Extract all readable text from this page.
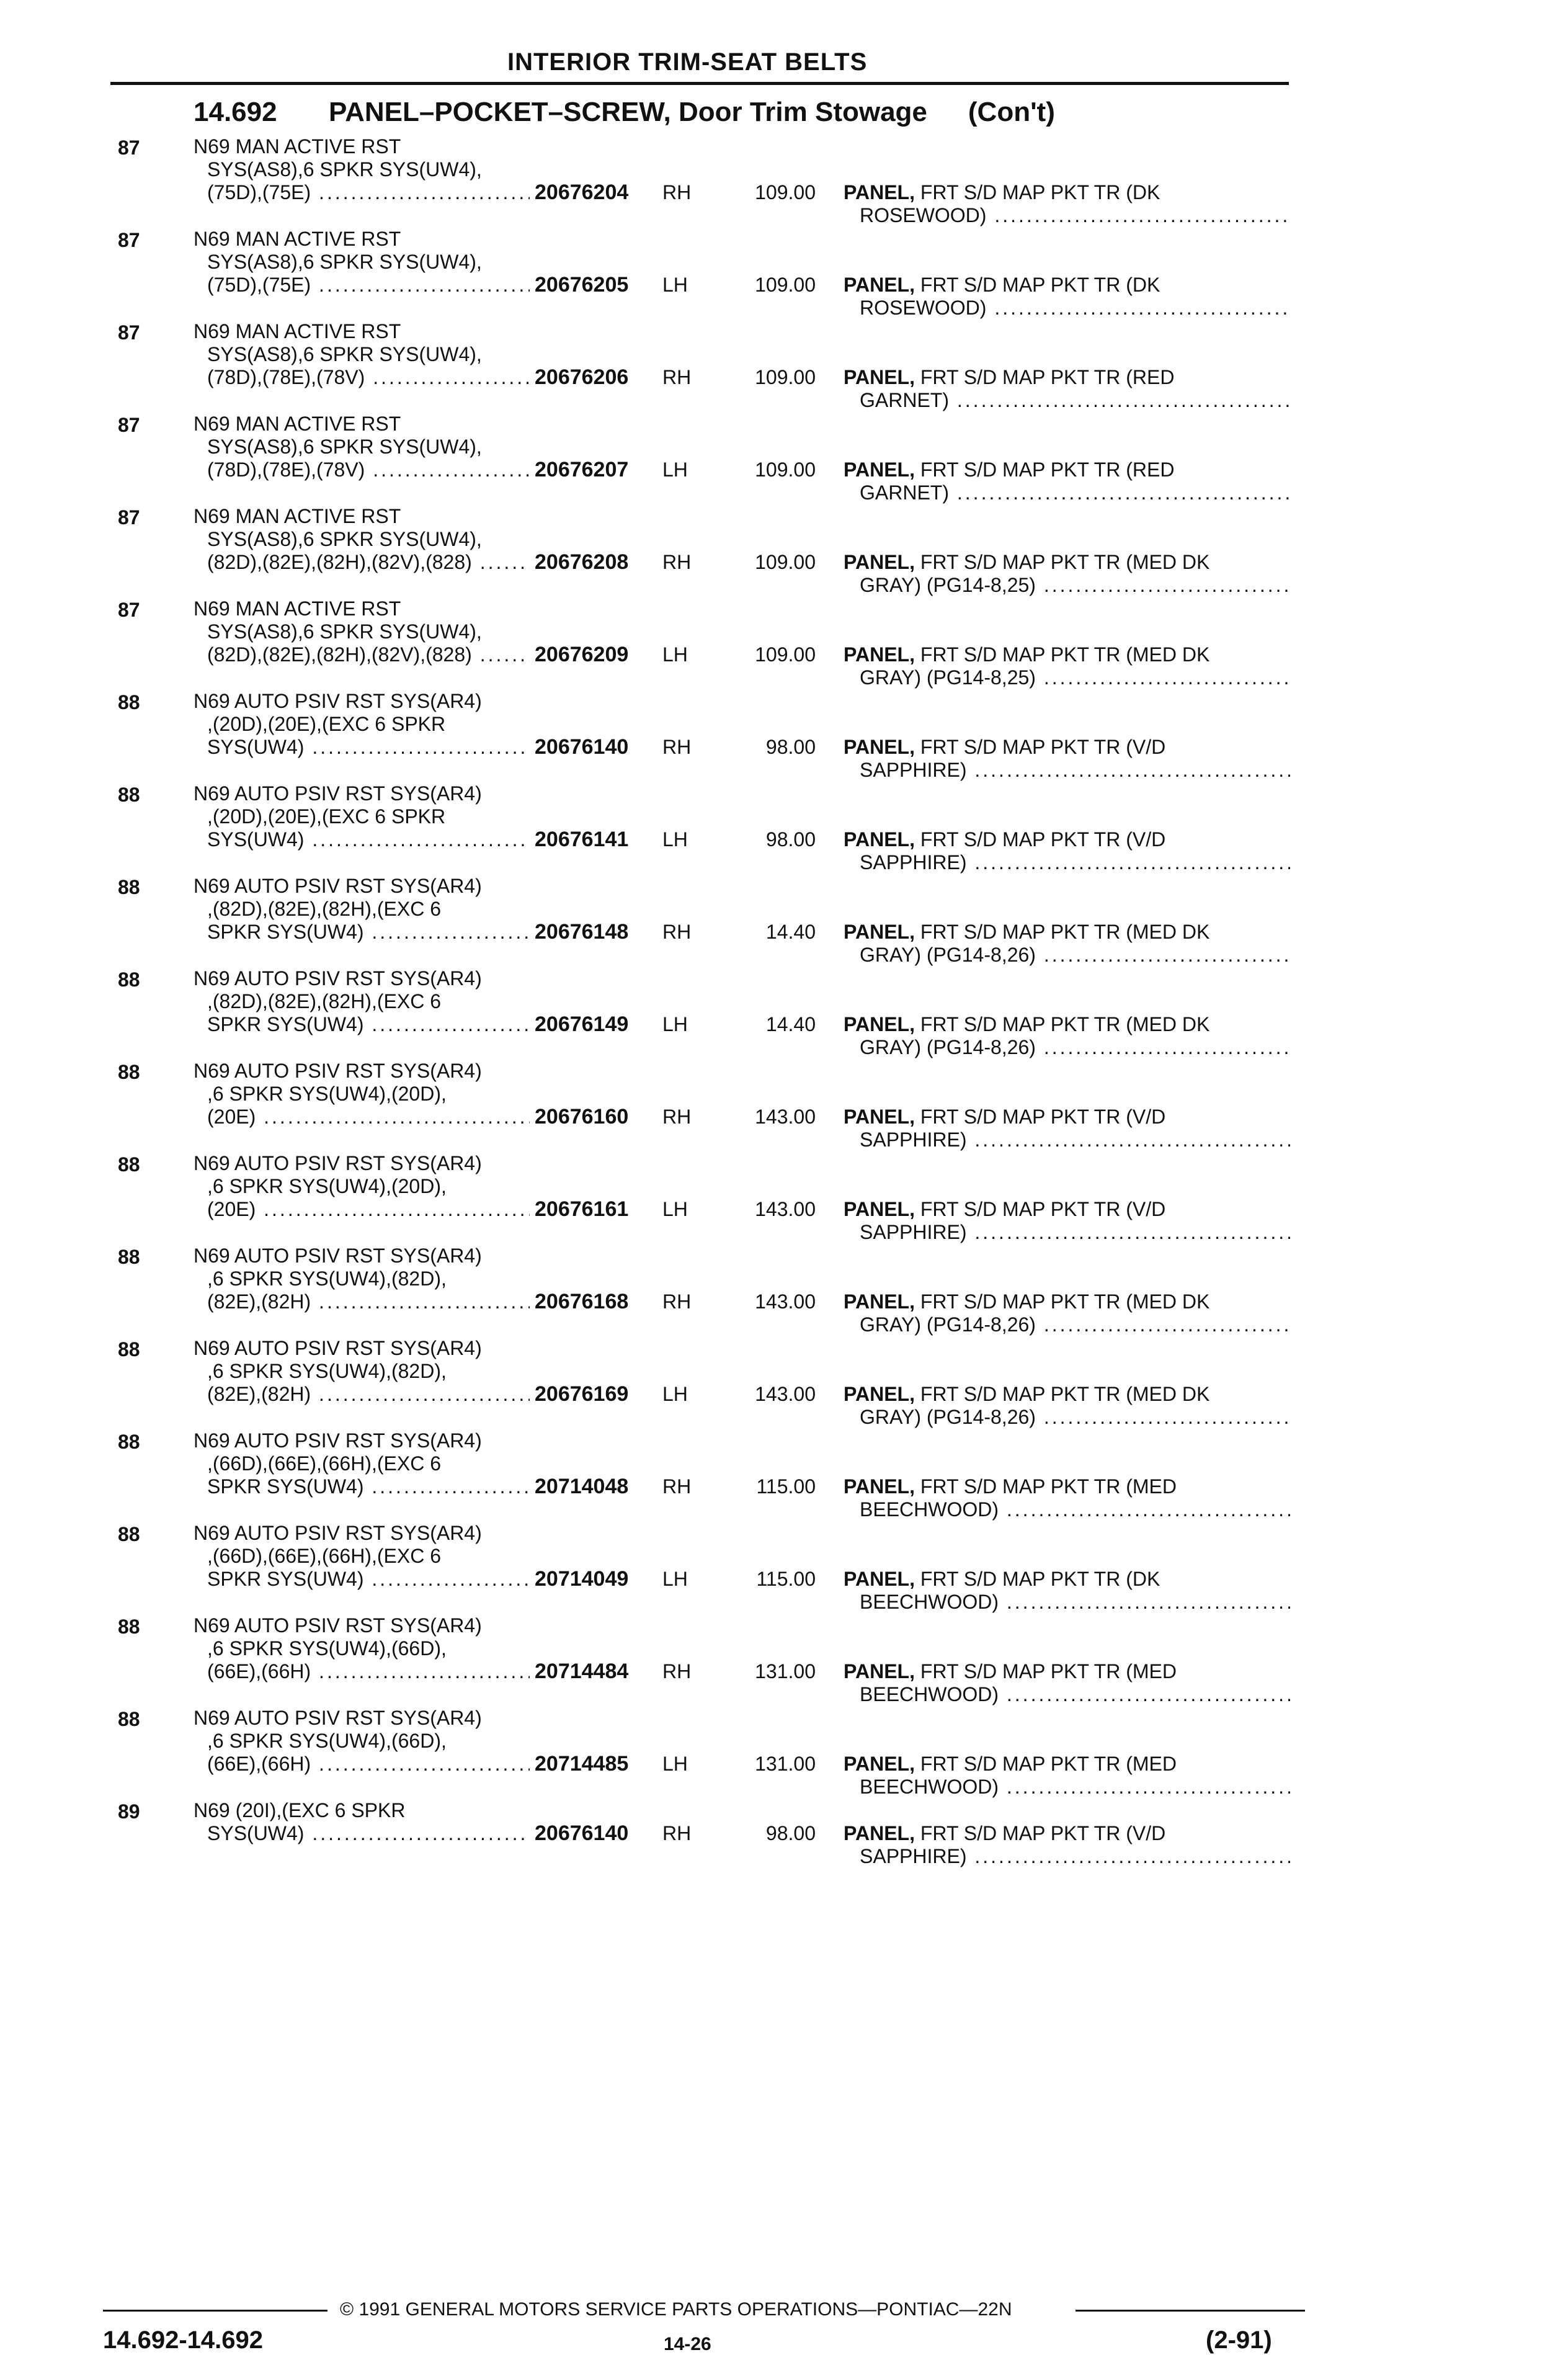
INTERIOR TRIM-SEAT BELTS
14.692 PANEL–POCKET–SCREW, Door Trim Stowage (Con't)
87	N69 MAN ACTIVE RST
SYS(AS8),6 SPKR SYS(UW4),
(75D),(75E) .....	20676204 RH	109.00 PANEL, FRT S/D MAP PKT TR (DK
ROSEWOOD) .....
87	N69 MAN ACTIVE RST
SYS(AS8),6 SPKR SYS(UW4),
(75D),(75E) .....	20676205 LH	109.00 PANEL, FRT S/D MAP PKT TR (DK
ROSEWOOD) .....
87	N69 MAN ACTIVE RST
SYS(AS8),6 SPKR SYS(UW4),
(78D),(78E),(78V) .....	20676206 RH	109.00 PANEL, FRT S/D MAP PKT TR (RED
GARNET) .....
87	N69 MAN ACTIVE RST
SYS(AS8),6 SPKR SYS(UW4),
(78D),(78E),(78V) .....	20676207 LH	109.00 PANEL, FRT S/D MAP PKT TR (RED
GARNET) .....
87	N69 MAN ACTIVE RST
SYS(AS8),6 SPKR SYS(UW4),
(82D),(82E),(82H),(82V),(828) .....	20676208 RH	109.00 PANEL, FRT S/D MAP PKT TR (MED DK
GRAY) (PG14-8,25) .....
87	N69 MAN ACTIVE RST
SYS(AS8),6 SPKR SYS(UW4),
(82D),(82E),(82H),(82V),(828) .....	20676209 LH	109.00 PANEL, FRT S/D MAP PKT TR (MED DK
GRAY) (PG14-8,25) .....
88	N69 AUTO PSIV RST SYS(AR4)
,(20D),(20E),(EXC 6 SPKR
SYS(UW4) .....	20676140 RH	98.00 PANEL, FRT S/D MAP PKT TR (V/D
SAPPHIRE) .....
88	N69 AUTO PSIV RST SYS(AR4)
,(20D),(20E),(EXC 6 SPKR
SYS(UW4) .....	20676141 LH	98.00 PANEL, FRT S/D MAP PKT TR (V/D
SAPPHIRE) .....
88	N69 AUTO PSIV RST SYS(AR4)
,(82D),(82E),(82H),(EXC 6
SPKR SYS(UW4) .....	20676148 RH	14.40 PANEL, FRT S/D MAP PKT TR (MED DK
GRAY) (PG14-8,26) .....
88	N69 AUTO PSIV RST SYS(AR4)
,(82D),(82E),(82H),(EXC 6
SPKR SYS(UW4) .....	20676149 LH	14.40 PANEL, FRT S/D MAP PKT TR (MED DK
GRAY) (PG14-8,26) .....
88	N69 AUTO PSIV RST SYS(AR4)
,6 SPKR SYS(UW4),(20D),
(20E) .....	20676160 RH	143.00 PANEL, FRT S/D MAP PKT TR (V/D
SAPPHIRE) .....
88	N69 AUTO PSIV RST SYS(AR4)
,6 SPKR SYS(UW4),(20D),
(20E) .....	20676161 LH	143.00 PANEL, FRT S/D MAP PKT TR (V/D
SAPPHIRE) .....
88	N69 AUTO PSIV RST SYS(AR4)
,6 SPKR SYS(UW4),(82D),
(82E),(82H) .....	20676168 RH	143.00 PANEL, FRT S/D MAP PKT TR (MED DK
GRAY) (PG14-8,26) .....
88	N69 AUTO PSIV RST SYS(AR4)
,6 SPKR SYS(UW4),(82D),
(82E),(82H) .....	20676169 LH	143.00 PANEL, FRT S/D MAP PKT TR (MED DK
GRAY) (PG14-8,26) .....
88	N69 AUTO PSIV RST SYS(AR4)
,(66D),(66E),(66H),(EXC 6
SPKR SYS(UW4) .....	20714048 RH	115.00 PANEL, FRT S/D MAP PKT TR (MED
BEECHWOOD) .....
88	N69 AUTO PSIV RST SYS(AR4)
,(66D),(66E),(66H),(EXC 6
SPKR SYS(UW4) .....	20714049 LH	115.00 PANEL, FRT S/D MAP PKT TR (DK
BEECHWOOD) .....
88	N69 AUTO PSIV RST SYS(AR4)
,6 SPKR SYS(UW4),(66D),
(66E),(66H) .....	20714484 RH	131.00 PANEL, FRT S/D MAP PKT TR (MED
BEECHWOOD) .....
88	N69 AUTO PSIV RST SYS(AR4)
,6 SPKR SYS(UW4),(66D),
(66E),(66H) .....	20714485 LH	131.00 PANEL, FRT S/D MAP PKT TR (MED
BEECHWOOD) .....
89	N69 (20I),(EXC 6 SPKR
SYS(UW4) .....	20676140 RH	98.00 PANEL, FRT S/D MAP PKT TR (V/D
SAPPHIRE) .....
© 1991 GENERAL MOTORS SERVICE PARTS OPERATIONS—PONTIAC—22N
14.692-14.692	14-26	(2-91)
